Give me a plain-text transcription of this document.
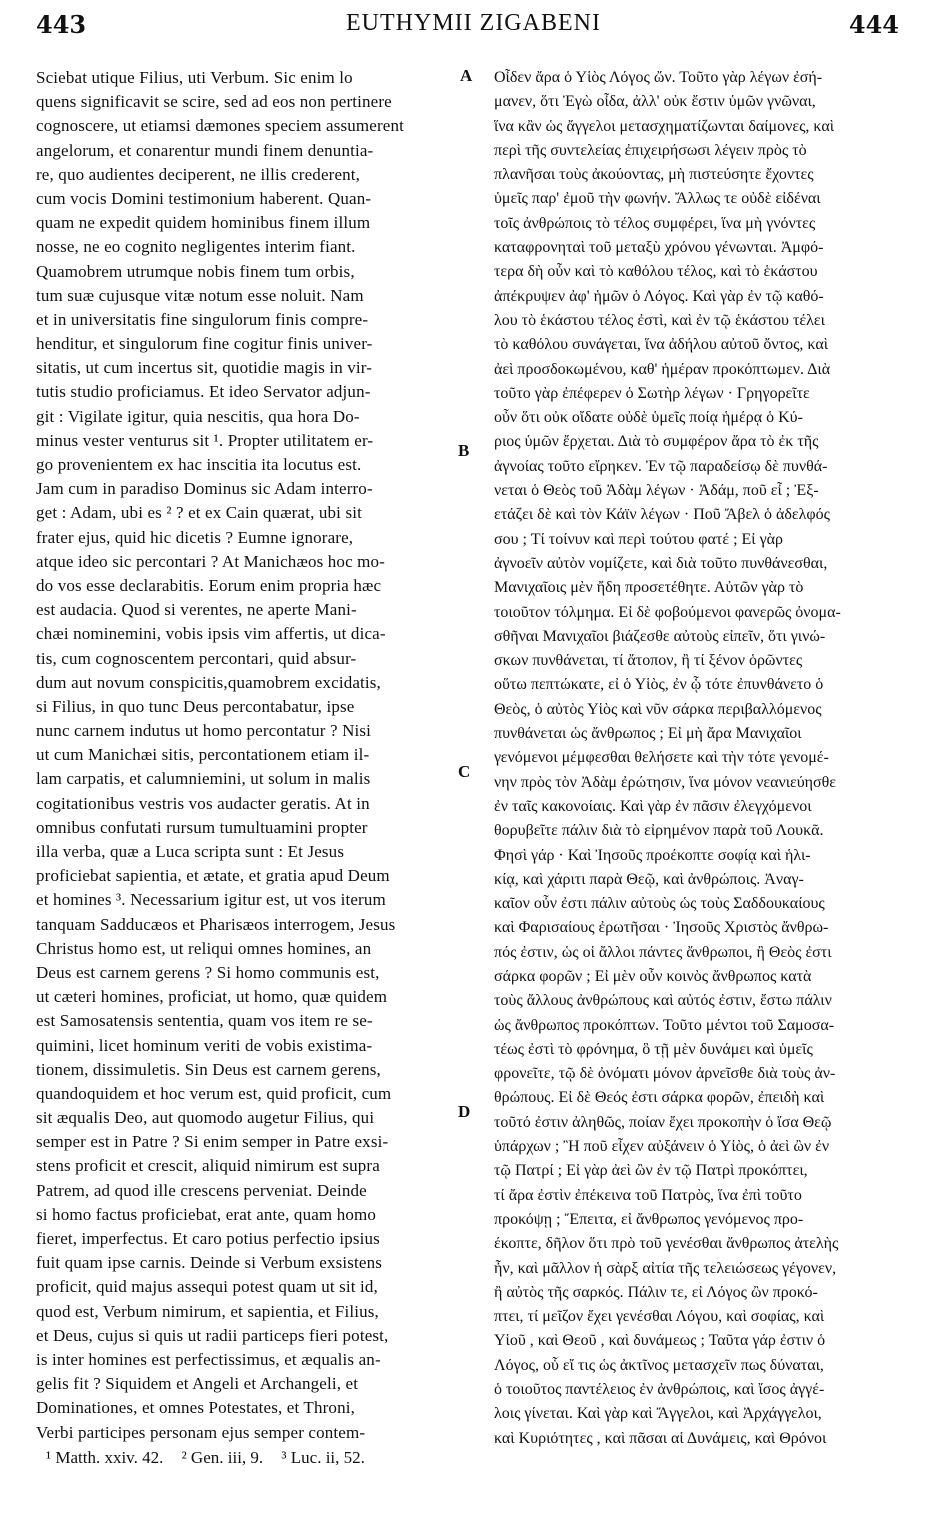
443	EUTHYMII ZIGABENI	444
Sciebat utique Filius, uti Verbum. Sic enim lo
quens significavit se scire, sed ad eos non pertinere
cognoscere, ut etiamsi dæmones speciem assumerent
angelorum, et conarentur mundi finem denuntia-
re, quo audientes deciperent, ne illis crederent,
cum vocis Domini testimonium haberent. Quan-
quam ne expedit quidem hominibus finem illum
nosse, ne eo cognito negligentes interim fiant.
Quamobrem utrumque nobis finem tum orbis,
tum suæ cujusque vitæ notum esse noluit. Nam
et in universitatis fine singulorum finis compre-
henditur, et singulorum fine cogitur finis univer-
sitatis, ut cum incertus sit, quotidie magis in vir-
tutis studio proficiamus. Et ideo Servator adjun-
git : Vigilate igitur, quia nescitis, qua hora Do-
minus vester venturus sit ¹. Propter utilitatem er-
go provenientem ex hac inscitia ita locutus est.
Jam cum in paradiso Dominus sic Adam interro-
get : Adam, ubi es ² ? et ex Cain quærat, ubi sit
frater ejus, quid hic dicetis ? Eumne ignorare,
atque ideo sic percontari ? At Manichæos hoc mo-
do vos esse declarabitis. Eorum enim propria hæc
est audacia. Quod si verentes, ne aperte Mani-
chæi nominemini, vobis ipsis vim affertis, ut dica-
tis, cum cognoscentem percontari, quid absur-
dum aut novum conspicitis,quamobrem excidatis,
si Filius, in quo tunc Deus percontabatur, ipse
nunc carnem indutus ut homo percontatur ? Nisi
ut cum Manichæi sitis, percontationem etiam il-
lam carpatis, et calumniemini, ut solum in malis
cogitationibus vestris vos audacter geratis. At in
omnibus confutati rursum tumultuamini propter
illa verba, quæ a Luca scripta sunt : Et Jesus
proficiebat sapientia, et ætate, et gratia apud Deum
et homines ³. Necessarium igitur est, ut vos iterum
tanquam Sadducæos et Pharisæos interrogem, Jesus
Christus homo est, ut reliqui omnes homines, an
Deus est carnem gerens ? Si homo communis est,
ut cæteri homines, proficiat, ut homo, quæ quidem
est Samosatensis sententia, quam vos item re se-
quimini, licet hominum veriti de vobis existima-
tionem, dissimuletis. Sin Deus est carnem gerens,
quandoquidem et hoc verum est, quid proficit, cum
sit æqualis Deo, aut quomodo augetur Filius, qui
semper est in Patre ? Si enim semper in Patre exsi-
stens proficit et crescit, aliquid nimirum est supra
Patrem, ad quod ille crescens perveniat. Deinde
si homo factus proficiebat, erat ante, quam homo
fieret, imperfectus. Et caro potius perfectio ipsius
fuit quam ipse carnis. Deinde si Verbum exsistens
proficit, quid majus assequi potest quam ut sit id,
quod est, Verbum nimirum, et sapientia, et Filius,
et Deus, cujus si quis ut radii particeps fieri potest,
is inter homines est perfectissimus, et æqualis an-
gelis fit ? Siquidem et Angeli et Archangeli, et
Dominationes, et omnes Potestates, et Throni,
Verbi participes personam ejus semper contem-
Οἶδεν ἄρα ὁ Υἱὸς Λόγος ὤν. Τοῦτο γὰρ λέγων ἐσή-
μανεν, ὅτι Ἐγὼ οἶδα, ἀλλ' οὐκ ἔστιν ὑμῶν γνῶναι,
ἵνα κἂν ὡς ἄγγελοι μετασχηματίζωνται δαίμονες, καὶ
περὶ τῆς συντελείας ἐπιχειρήσωσι λέγειν πρὸς τὸ
πλανῆσαι τοὺς ἀκούοντας, μὴ πιστεύσητε ἔχοντες
ὑμεῖς παρ' ἐμοῦ τὴν φωνήν. Ἄλλως τε οὐδὲ εἰδέναι
τοῖς ἀνθρώποις τὸ τέλος συμφέρει, ἵνα μὴ γνόντες
καταφρονηταὶ τοῦ μεταξὺ χρόνου γένωνται. Ἀμφό-
τερα δὴ οὖν καὶ τὸ καθόλου τέλος, καὶ τὸ ἑκάστου
ἀπέκρυψεν ἀφ' ἡμῶν ὁ Λόγος. Καὶ γὰρ ἐν τῷ καθό-
λου τὸ ἑκάστου τέλος ἐστὶ, καὶ ἐν τῷ ἑκάστου τέλει
τὸ καθόλου συνάγεται, ἵνα ἀδήλου αὐτοῦ ὄντος, καὶ
ἀεὶ προσδοκωμένου, καθ' ἡμέραν προκόπτωμεν. Διὰ
τοῦτο γὰρ ἐπέφερεν ὁ Σωτὴρ λέγων · Γρηγορεῖτε
οὖν ὅτι οὐκ οἴδατε οὐδὲ ὑμεῖς ποίᾳ ἡμέρᾳ ὁ Κύ-
ριος ὑμῶν ἔρχεται. Διὰ τὸ συμφέρον ἄρα τὸ ἐκ τῆς
ἀγνοίας τοῦτο εἴρηκεν. Ἐν τῷ παραδείσῳ δὲ πυνθά-
νεται ὁ Θεὸς τοῦ Ἀδὰμ λέγων · Ἀδάμ, ποῦ εἶ ; Ἐξ-
ετάζει δὲ καὶ τὸν Κάϊν λέγων · Ποῦ Ἄβελ ὁ ἀδελφός
σου ; Τί τοίνυν καὶ περὶ τούτου φατέ ; Εἰ γὰρ
ἀγνοεῖν αὐτὸν νομίζετε, καὶ διὰ τοῦτο πυνθάνεσθαι,
Μανιχαῖοις μὲν ἤδη προσετέθητε. Αὐτῶν γὰρ τὸ
τοιοῦτον τόλμημα. Εἰ δὲ φοβούμενοι φανερῶς ὀνομα-
σθῆναι Μανιχαῖοι βιάζεσθε αὐτοὺς εἰπεῖν, ὅτι γινώ-
σκων πυνθάνεται, τί ἄτοπον, ἢ τί ξένον ὁρῶντες
οὕτω πεπτώκατε, εἰ ὁ Υἱὸς, ἐν ᾧ τότε ἐπυνθάνετο ὁ
Θεὸς, ὁ αὐτὸς Υἱὸς καὶ νῦν σάρκα περιβαλλόμενος
πυνθάνεται ὡς ἄνθρωπος ; Εἰ μὴ ἄρα Μανιχαῖοι
γενόμενοι μέμφεσθαι θελήσετε καὶ τὴν τότε γενομέ-
νην πρὸς τὸν Ἀδὰμ ἐρώτησιν, ἵνα μόνον νεανιεύησθε
ἐν ταῖς κακονοίαις. Καὶ γὰρ ἐν πᾶσιν ἐλεγχόμενοι
θορυβεῖτε πάλιν διὰ τὸ εἰρημένον παρὰ τοῦ Λουκᾶ.
Φησὶ γάρ · Καὶ Ἰησοῦς προέκοπτε σοφίᾳ καὶ ἡλι-
κίᾳ, καὶ χάριτι παρὰ Θεῷ, καὶ ἀνθρώποις. Ἀναγ-
καῖον οὖν ἐστι πάλιν αὐτοὺς ὡς τοὺς Σαδδουκαίους
καὶ Φαρισαίους ἐρωτῆσαι · Ἰησοῦς Χριστὸς ἄνθρω-
πός ἐστιν, ὡς οἱ ἄλλοι πάντες ἄνθρωποι, ἢ Θεὸς ἐστι
σάρκα φορῶν ; Εἰ μὲν οὖν κοινὸς ἄνθρωπος κατὰ
τοὺς ἄλλους ἀνθρώπους καὶ αὐτός ἐστιν, ἔστω πάλιν
ὡς ἄνθρωπος προκόπτων. Τοῦτο μέντοι τοῦ Σαμοσα-
τέως ἐστὶ τὸ φρόνημα, ὃ τῇ μὲν δυνάμει καὶ ὑμεῖς
φρονεῖτε, τῷ δὲ ὀνόματι μόνον ἀρνεῖσθε διὰ τοὺς ἀν-
θρώπους. Εἰ δὲ Θεός ἐστι σάρκα φορῶν, ἐπειδὴ καὶ
τοῦτό ἐστιν ἀληθῶς, ποίαν ἔχει προκοπὴν ὁ ἴσα Θεῷ
ὑπάρχων ; Ἢ ποῦ εἶχεν αὐξάνειν ὁ Υἱὸς, ὁ ἀεὶ ὢν ἐν
τῷ Πατρί ; Εἰ γὰρ ἀεὶ ὢν ἐν τῷ Πατρὶ προκόπτει,
τί ἄρα ἐστὶν ἐπέκεινα τοῦ Πατρὸς, ἵνα ἐπὶ τοῦτο
προκόψῃ ; Ἔπειτα, εἰ ἄνθρωπος γενόμενος προ-
έκοπτε, δῆλον ὅτι πρὸ τοῦ γενέσθαι ἄνθρωπος ἀτελὴς
ἦν, καὶ μᾶλλον ἡ σὰρξ αἰτία τῆς τελειώσεως γέγονεν,
ἢ αὐτὸς τῆς σαρκός. Πάλιν τε, εἰ Λόγος ὢν προκό-
πτει, τί μεῖζον ἔχει γενέσθαι Λόγου, καὶ σοφίας, καὶ
Υἱοῦ , καὶ Θεοῦ , καὶ δυνάμεως ; Ταῦτα γάρ ἐστιν ὁ
Λόγος, οὗ εἴ τις ὡς ἀκτῖνος μετασχεῖν πως δύναται,
ὁ τοιοῦτος παντέλειος ἐν ἀνθρώποις, καὶ ἴσος ἀγγέ-
λοις γίνεται. Καὶ γὰρ καὶ Ἄγγελοι, καὶ Ἀρχάγγελοι,
καὶ Κυριότητες , καὶ πᾶσαι αἱ Δυνάμεις, καὶ Θρόνοι
A
B
C
D
¹ Matth. xxiv. 42. ² Gen. iii, 9. ³ Luc. ii, 52.
